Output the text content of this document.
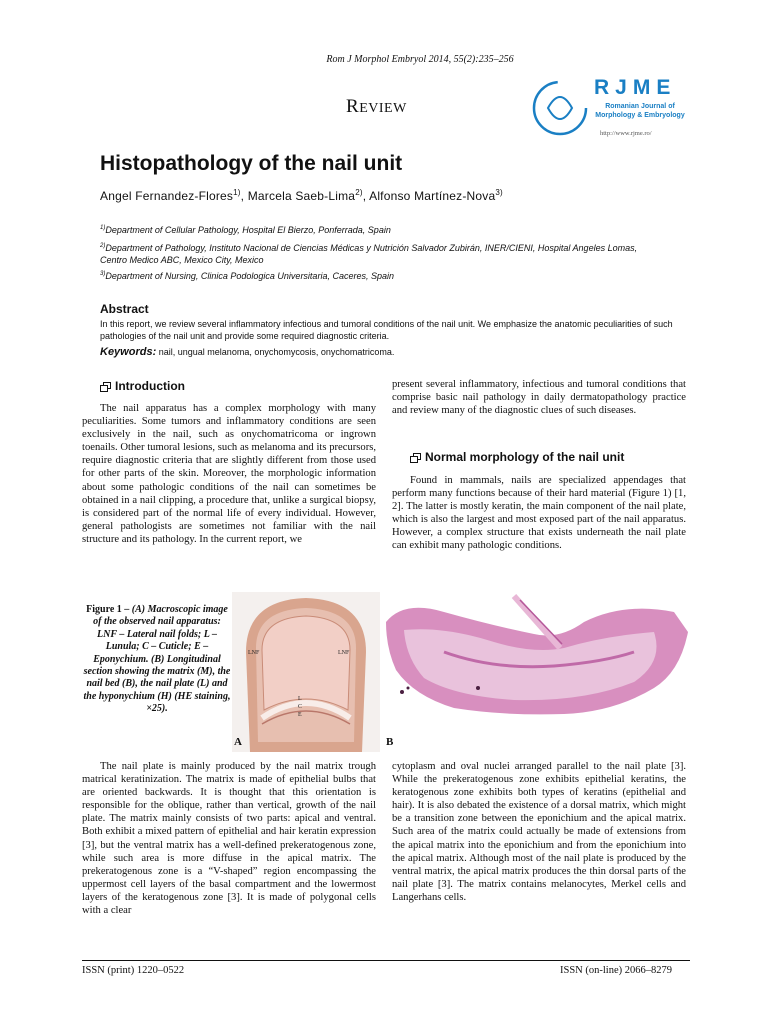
Rom J Morphol Embryol 2014, 55(2):235–256
REVIEW
RJME
Romanian Journal of Morphology & Embryology
http://www.rjme.ro/
Histopathology of the nail unit
Angel Fernandez-Flores$^{1)}$, Marcela Saeb-Lima$^{2)}$, Alfonso Martínez-Nova$^{3)}$
$^{1)}$Department of Cellular Pathology, Hospital El Bierzo, Ponferrada, Spain
$^{2)}$Department of Pathology, Instituto Nacional de Ciencias Médicas y Nutrición Salvador Zubirán, INER/CIENI, Hospital Angeles Lomas, Centro Medico ABC, Mexico City, Mexico
$^{3)}$Department of Nursing, Clinica Podologica Universitaria, Caceres, Spain
Abstract
In this report, we review several inflammatory infectious and tumoral conditions of the nail unit. We emphasize the anatomic peculiarities of such pathologies of the nail unit and provide some required diagnostic criteria.
Keywords: nail, ungual melanoma, onychomycosis, onychomatricoma.
Introduction

The nail apparatus has a complex morphology with many peculiarities. Some tumors and inflammatory conditions are seen exclusively in the nail, such as onychomatricoma or ingrown toenails. Other tumoral lesions, such as melanoma and its precursors, require diagnostic criteria that are slightly different from those used for other parts of the skin. Moreover, the morphologic information about some pathologic conditions of the nail can sometimes be obtained in a nail clipping, a procedure that, unlike a surgical biopsy, is considered part of the normal life of every individual. However, general pathologists are sometimes not familiar with the nail structure and its pathology. In the current report, we

present several inflammatory, infectious and tumoral conditions that comprise basic nail pathology in daily dermatopathology practice and review many of the diagnostic clues of such diseases.

Normal morphology of the nail unit

Found in mammals, nails are specialized appendages that perform many functions because of their hard material (Figure 1) [1, 2]. The latter is mostly keratin, the main component of the nail plate, which is also the largest and most exposed part of the nail apparatus. However, a complex structure that exists underneath the nail plate can exhibit many pathologic conditions.

Figure 1 – (A) Macroscopic image of the observed nail apparatus: LNF – Lateral nail folds; L – Lunula; C – Cuticle; E – Eponychium. (B) Longitudinal section showing the matrix (M), the nail bed (B), the nail plate (L) and the hyponychium (H) (HE staining, ×25).
LNF	LNF
L
C
E
A	B

The nail plate is mainly produced by the nail matrix trough matrical keratinization. The matrix is made of epithelial bulbs that are oriented backwards. It is thought that this orientation is responsible for the oblique, rather than vertical, growth of the nail plate. The matrix mainly consists of two parts: apical and ventral. Both exhibit a mixed pattern of epithelial and hair keratin expression [3], but the ventral matrix has a well-defined prekeratogenous zone, while such area is more diffuse in the apical matrix. The prekeratogenous zone is a “V-shaped” region encompassing the uppermost cell layers of the basal compartment and the lowermost layers of the keratogenous zone [3]. It is made of polygonal cells with a clear

cytoplasm and oval nuclei arranged parallel to the nail plate [3]. While the prekeratogenous zone exhibits epithelial keratins, the keratogenous zone exhibits both types of keratins (epithelial and hair). It is also debated the existence of a dorsal matrix, which might be a transition zone between the eponichium and the apical matrix. Such area of the matrix could actually be made of extensions from the apical matrix into the eponichium and from the eponichium into the apical matrix. Although most of the nail plate is produced by the ventral matrix, the apical matrix produces the thin dorsal parts of the nail plate [3]. The matrix contains melanocytes, Merkel cells and Langerhans cells.

ISSN (print) 1220–0522	ISSN (on-line) 2066–8279
